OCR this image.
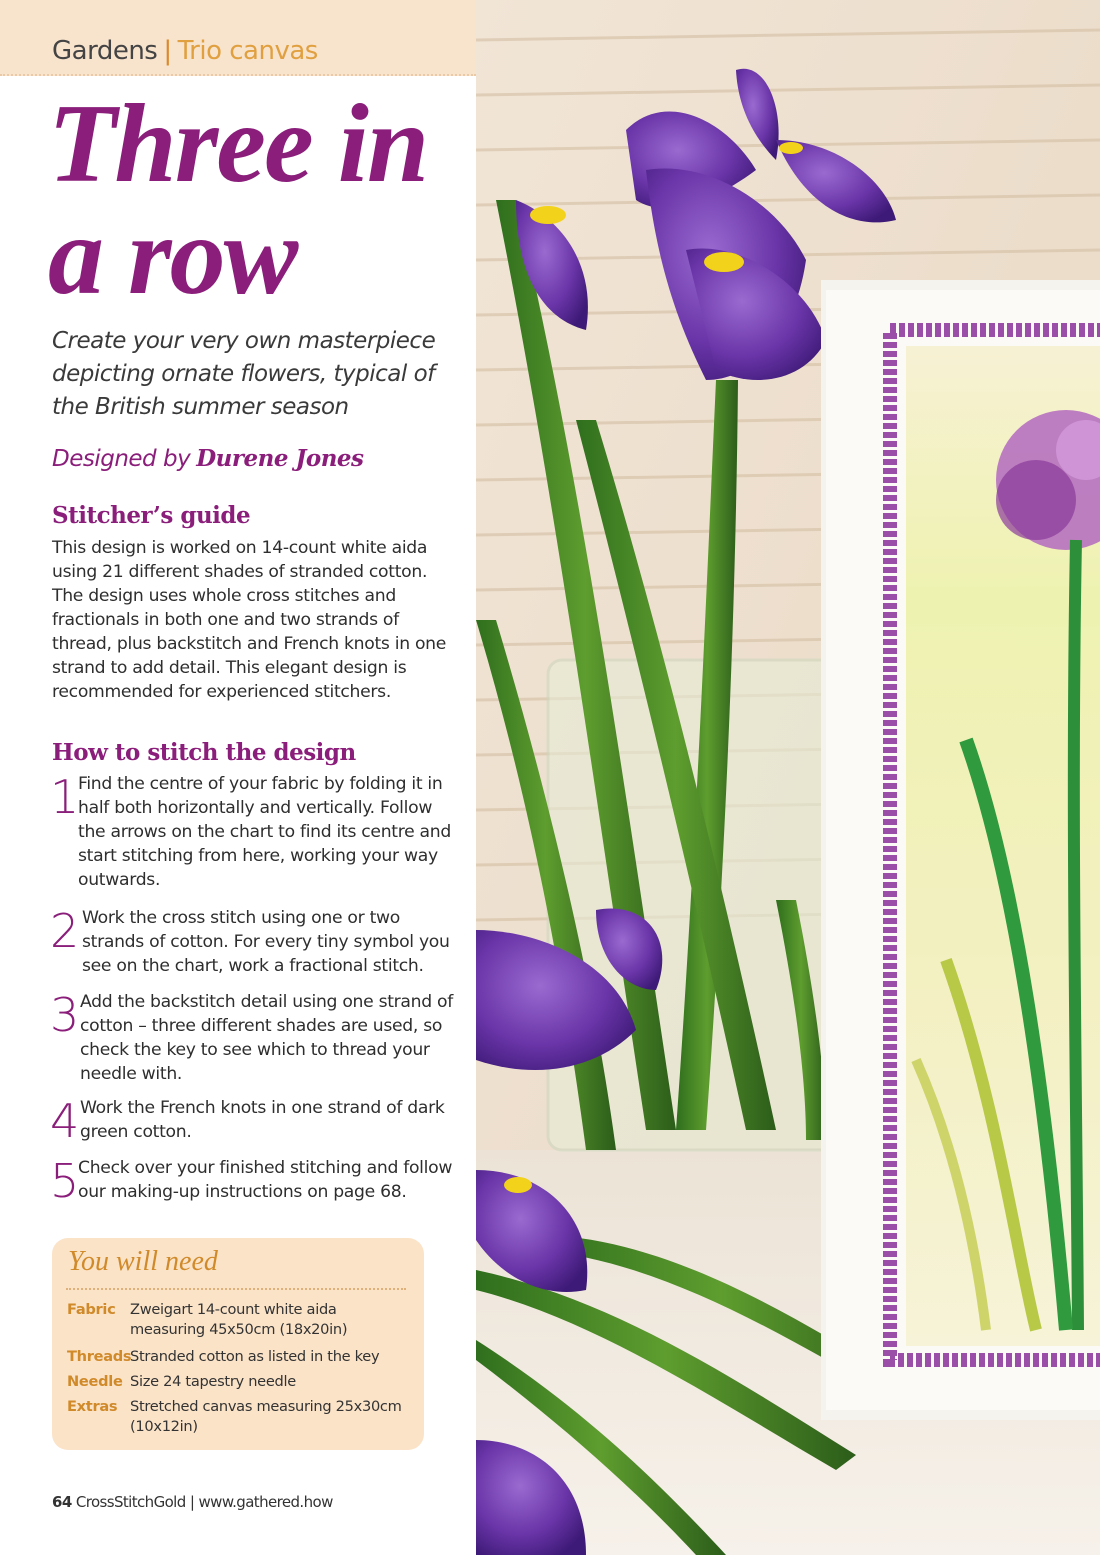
Gardens | Trio canvas
Three in
a row
Create your very own masterpiece depicting ornate flowers, typical of the British summer season
Designed by Durene Jones
Stitcher’s guide
This design is worked on 14-count white aida using 21 different shades of stranded cotton. The design uses whole cross stitches and fractionals in both one and two strands of thread, plus backstitch and French knots in one strand to add detail. This elegant design is recommended for experienced stitchers.
How to stitch the design
1 Find the centre of your fabric by folding it in half both horizontally and vertically. Follow the arrows on the chart to find its centre and start stitching from here, working your way outwards.
2 Work the cross stitch using one or two strands of cotton. For every tiny symbol you see on the chart, work a fractional stitch.
3 Add the backstitch detail using one strand of cotton – three different shades are used, so check the key to see which to thread your needle with.
4 Work the French knots in one strand of dark green cotton.
5 Check over your finished stitching and follow our making-up instructions on page 68.
You will need
Fabric Zweigart 14-count white aida measuring 45x50cm (18x20in)
Threads
Stranded cotton as listed in the key
Needle Size 24 tapestry needle
Extras Stretched canvas measuring 25x30cm (10x12in)
64 CrossStitchGold | www.gathered.how
